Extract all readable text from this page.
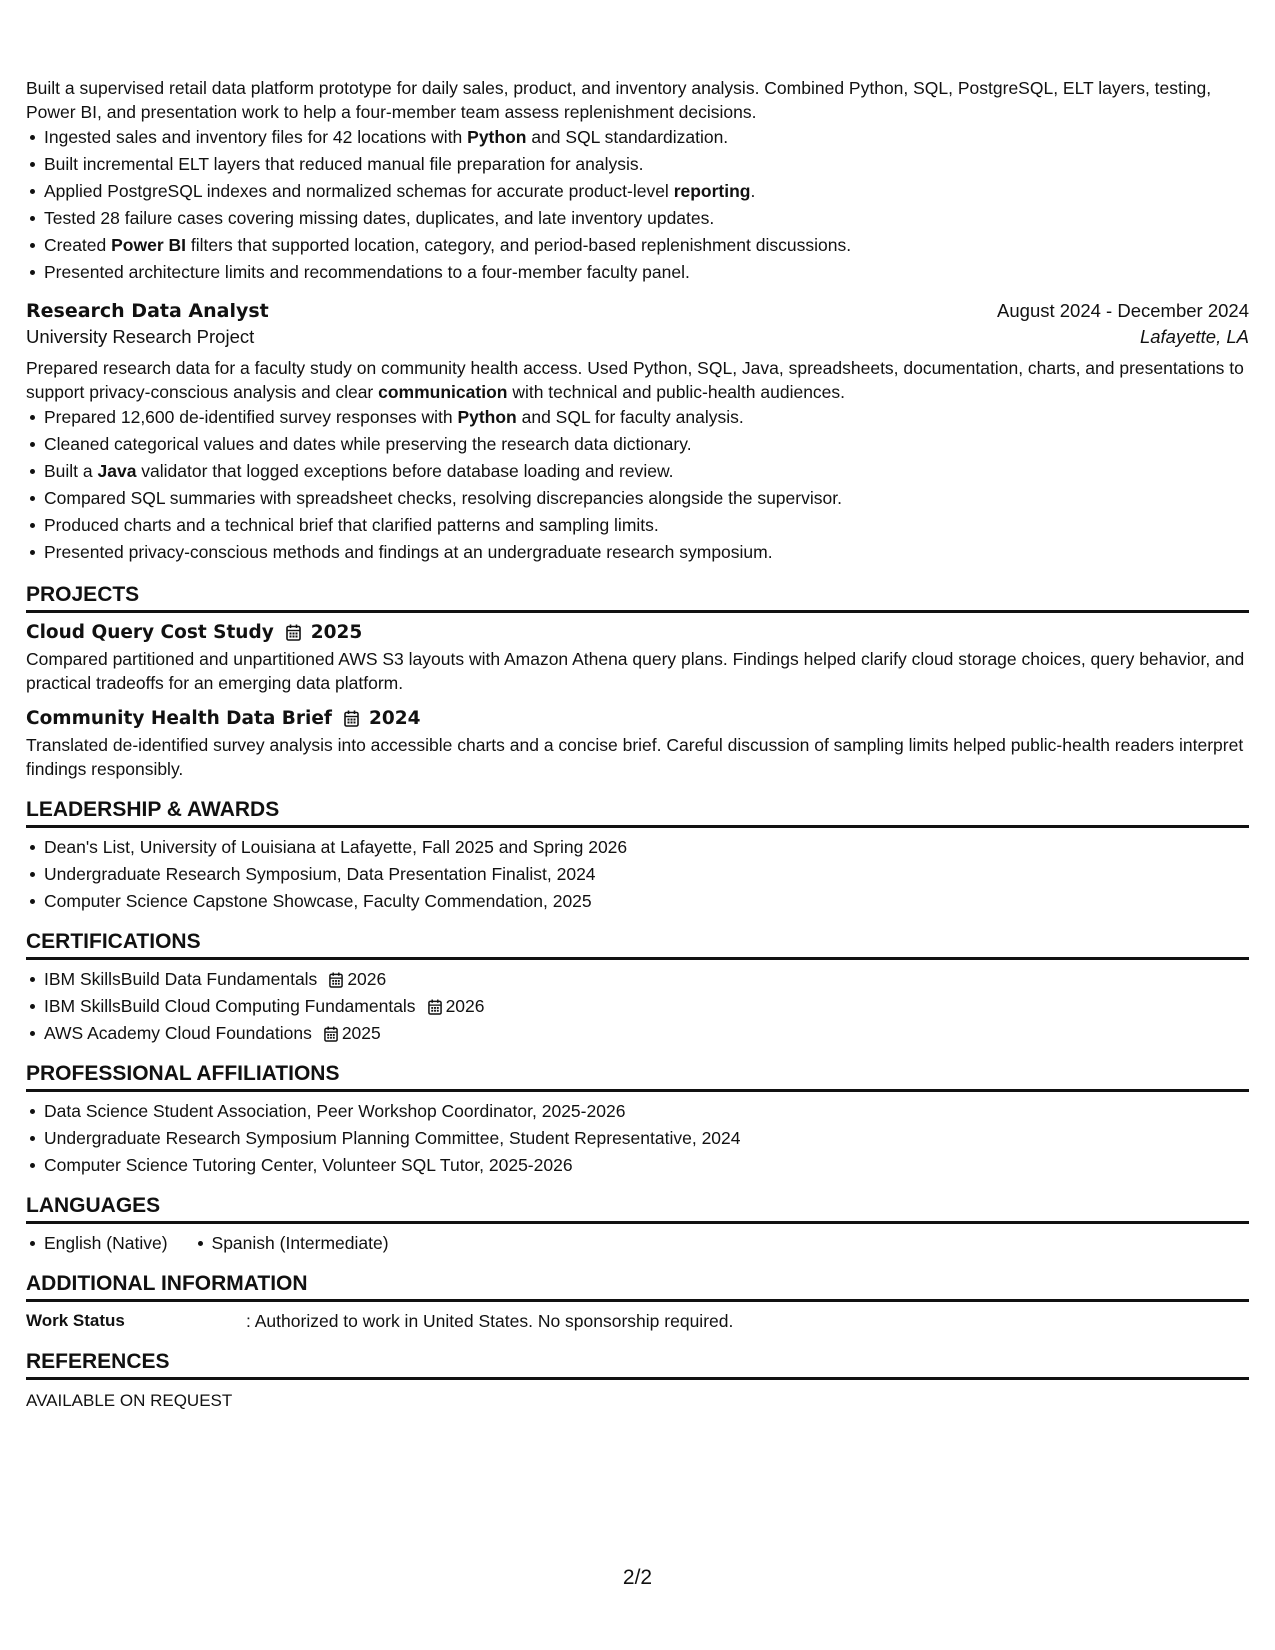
Built a supervised retail data platform prototype for daily sales, product, and inventory analysis. Combined Python, SQL, PostgreSQL, ELT layers, testing, Power BI, and presentation work to help a four-member team assess replenishment decisions.

Ingested sales and inventory files for 42 locations with Python and SQL standardization.
Built incremental ELT layers that reduced manual file preparation for analysis.
Applied PostgreSQL indexes and normalized schemas for accurate product-level reporting.
Tested 28 failure cases covering missing dates, duplicates, and late inventory updates.
Created Power BI filters that supported location, category, and period-based replenishment discussions.
Presented architecture limits and recommendations to a four-member faculty panel.
Research Data Analyst	August 2024 - December 2024
University Research Project	Lafayette, LA

Prepared research data for a faculty study on community health access. Used Python, SQL, Java, spreadsheets, documentation, charts, and presentations to support privacy-conscious analysis and clear communication with technical and public-health audiences.

Prepared 12,600 de-identified survey responses with Python and SQL for faculty analysis.
Cleaned categorical values and dates while preserving the research data dictionary.
Built a Java validator that logged exceptions before database loading and review.
Compared SQL summaries with spreadsheet checks, resolving discrepancies alongside the supervisor.
Produced charts and a technical brief that clarified patterns and sampling limits.
Presented privacy-conscious methods and findings at an undergraduate research symposium.
PROJECTS
Cloud Query Cost Study 2025

Compared partitioned and unpartitioned AWS S3 layouts with Amazon Athena query plans. Findings helped clarify cloud storage choices, query behavior, and practical tradeoffs for an emerging data platform.

Community Health Data Brief 2024

Translated de-identified survey analysis into accessible charts and a concise brief. Careful discussion of sampling limits helped public-health readers interpret findings responsibly.

LEADERSHIP & AWARDS
Dean's List, University of Louisiana at Lafayette, Fall 2025 and Spring 2026
Undergraduate Research Symposium, Data Presentation Finalist, 2024
Computer Science Capstone Showcase, Faculty Commendation, 2025
CERTIFICATIONS
IBM SkillsBuild Data Fundamentals 2026
IBM SkillsBuild Cloud Computing Fundamentals 2026
AWS Academy Cloud Foundations 2025
PROFESSIONAL AFFILIATIONS
Data Science Student Association, Peer Workshop Coordinator, 2025-2026
Undergraduate Research Symposium Planning Committee, Student Representative, 2024
Computer Science Tutoring Center, Volunteer SQL Tutor, 2025-2026
LANGUAGES
English (Native)	Spanish (Intermediate)
ADDITIONAL INFORMATION
Work Status	: Authorized to work in United States. No sponsorship required.
REFERENCES
AVAILABLE ON REQUEST
2/2
